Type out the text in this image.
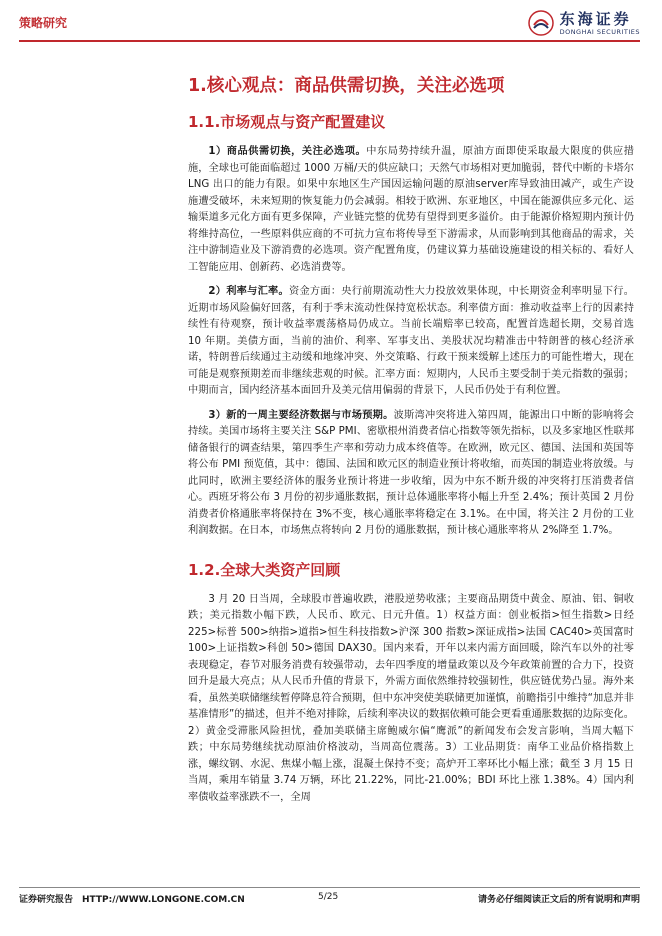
策略研究	东海证券
DONGHAI SECURITIES
1.核心观点：商品供需切换，关注必选项
1.1.市场观点与资产配置建议

1）商品供需切换，关注必选项。中东局势持续升温，原油方面即使采取最大限度的供应措施，全球也可能面临超过 1000 万桶/天的供应缺口；天然气市场相对更加脆弱，替代中断的卡塔尔 LNG 出口的能力有限。如果中东地区生产国因运输问题的原油server库导致油田减产，或生产设施遭受破坏，未来短期的恢复能力仍会减弱。相较于欧洲、东亚地区，中国在能源供应多元化、运输渠道多元化方面有更多保障，产业链完整的优势有望得到更多溢价。由于能源价格短期内预计仍将维持高位，一些原料供应商的不可抗力宣布将传导至下游需求，从而影响到其他商品的需求，关注中游制造业及下游消费的必选项。资产配置角度，仍建议算力基础设施建设的相关标的、看好人工智能应用、创新药、必选消费等。

2）利率与汇率。资金方面：央行前期流动性大力投放效果体现，中长期资金利率明显下行。近期市场风险偏好回落，有利于季末流动性保持宽松状态。利率债方面：推动收益率上行的因素持续性有待观察，预计收益率震荡格局仍成立。当前长端赔率已较高，配置首选超长期，交易首选 10 年期。美债方面，当前的油价、利率、军事支出、美股状况均精准击中特朗普的核心经济承诺，特朗普后续通过主动缓和地缘冲突、外交策略、行政干预来缓解上述压力的可能性增大，现在可能是观察预期差而非继续悲观的时候。汇率方面：短期内，人民币主要受制于美元指数的强弱；中期而言，国内经济基本面回升及美元信用偏弱的背景下，人民币仍处于有利位置。

3）新的一周主要经济数据与市场预期。波斯湾冲突将进入第四周，能源出口中断的影响将会持续。美国市场将主要关注 S&P PMI、密歇根州消费者信心指数等领先指标，以及多家地区性联邦储备银行的调查结果，第四季生产率和劳动力成本终值等。在欧洲，欧元区、德国、法国和英国等将公布 PMI 预览值，其中：德国、法国和欧元区的制造业预计将收缩，而英国的制造业将放缓。与此同时，欧洲主要经济体的服务业预计将进一步收缩，因为中东不断升级的冲突将打压消费者信心。西班牙将公布 3 月份的初步通胀数据，预计总体通胀率将小幅上升至 2.4%；预计英国 2 月份消费者价格通胀率将保持在 3%不变，核心通胀率将稳定在 3.1%。在中国，将关注 2 月份的工业利润数据。在日本，市场焦点将转向 2 月份的通胀数据，预计核心通胀率将从 2%降至 1.7%。

1.2.全球大类资产回顾

3 月 20 日当周，全球股市普遍收跌，港股逆势收涨；主要商品期货中黄金、原油、铝、铜收跌；美元指数小幅下跌，人民币、欧元、日元升值。1）权益方面：创业板指>恒生指数>日经 225>标普 500>纳指>道指>恒生科技指数>沪深 300 指数>深证成指>法国 CAC40>英国富时 100>上证指数>科创 50>德国 DAX30。国内来看，开年以来内需方面回暖，除汽车以外的社零表现稳定，春节对服务消费有较强带动，去年四季度的增量政策以及今年政策前置的合力下，投资回升是最大亮点；从人民币升值的背景下，外需方面依然维持较强韧性，供应链优势凸显。海外来看，虽然美联储继续暂停降息符合预期，但中东冲突使美联储更加谨慎，前瞻指引中维持“加息并非基准情形”的描述，但并不绝对排除，后续利率决议的数据依赖可能会更看重通胀数据的边际变化。2）黄金受滞胀风险担忧，叠加美联储主席鲍威尔偏“鹰派”的新闻发布会发言影响，当周大幅下跌；中东局势继续扰动原油价格波动，当周高位震荡。3）工业品期货：南华工业品价格指数上涨，螺纹钢、水泥、焦煤小幅上涨，混凝土保持不变；高炉开工率环比小幅上涨；截至 3 月 15 日当周，乘用车销量 3.74 万辆，环比 21.22%，同比-21.00%；BDI 环比上涨 1.38%。4）国内利率债收益率涨跌不一，全周

证券研究报告　HTTP://WWW.LONGONE.COM.CN	5/25	请务必仔细阅读正文后的所有说明和声明
